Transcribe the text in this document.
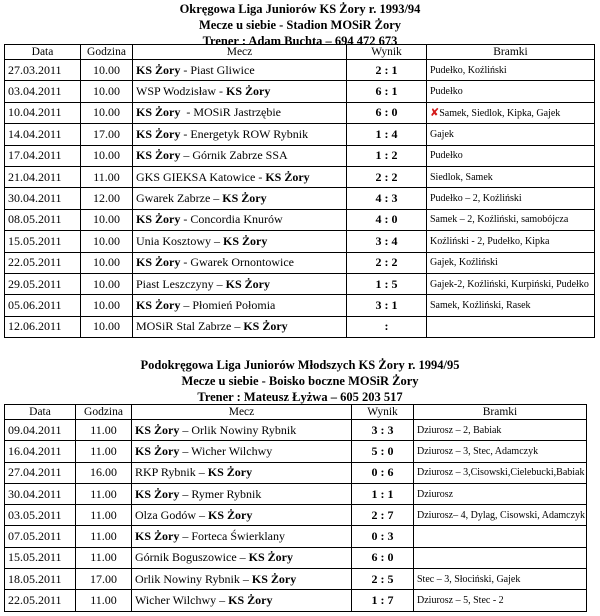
Okręgowa Liga Juniorów KS Żory r. 1993/94
Mecze u siebie - Stadion MOSiR Żory
Trener : Adam Buchta – 694 472 673
Data	Godzina	Mecz	Wynik	Bramki
27.03.2011	10.00	KS Żory - Piast Gliwice	2 : 1	Pudełko, Koźliński
03.04.2011	10.00	WSP Wodzisław - KS Żory	6 : 1	Pudełko
10.04.2011	10.00	KS Żory  - MOSiR Jastrzębie	6 : 0	✘Samek, Siedlok, Kipka, Gajek
14.04.2011	17.00	KS Żory - Energetyk ROW Rybnik	1 : 4	Gajek
17.04.2011	10.00	KS Żory – Górnik Zabrze SSA	1 : 2	Pudełko
21.04.2011	11.00	GKS GIEKSA Katowice - KS Żory	2 : 2	Siedlok, Samek
30.04.2011	12.00	Gwarek Zabrze – KS Żory	4 : 3	Pudełko – 2, Koźliński
08.05.2011	10.00	KS Żory - Concordia Knurów	4 : 0	Samek – 2, Koźliński, samobójcza
15.05.2011	10.00	Unia Kosztowy – KS Żory	3 : 4	Koźliński - 2, Pudełko, Kipka
22.05.2011	10.00	KS Żory - Gwarek Ornontowice	2 : 2	Gajek, Koźliński
29.05.2011	10.00	Piast Leszczyny – KS Żory	1 : 5	Gajek-2, Koźliński, Kurpiński, Pudełko
05.06.2011	10.00	KS Żory – Płomień Połomia	3 : 1	Samek, Koźliński, Rasek
12.06.2011	10.00	MOSiR Stal Zabrze – KS Żory	:	
Podokręgowa Liga Juniorów Młodszych KS Żory r. 1994/95
Mecze u siebie - Boisko boczne MOSiR Żory
Trener : Mateusz Łyżwa – 605 203 517
Data	Godzina	Mecz	Wynik	Bramki
09.04.2011	11.00	KS Żory – Orlik Nowiny Rybnik	3 : 3	Dziurosz – 2, Babiak
16.04.2011	11.00	KS Żory – Wicher Wilchwy	5 : 0	Dziurosz – 3, Stec, Adamczyk
27.04.2011	16.00	RKP Rybnik – KS Żory	0 : 6	Dziurosz – 3,Cisowski,Cielebucki,Babiak
30.04.2011	11.00	KS Żory – Rymer Rybnik	1 : 1	Dziurosz
03.05.2011	11.00	Olza Godów – KS Żory	2 : 7	Dziurosz– 4, Dylag, Cisowski, Adamczyk
07.05.2011	11.00	KS Żory – Forteca Świerklany	0 : 3	
15.05.2011	11.00	Górnik Boguszowice – KS Żory	6 : 0	
18.05.2011	17.00	Orlik Nowiny Rybnik – KS Żory	2 : 5	Stec – 3, Słociński, Gajek
22.05.2011	11.00	Wicher Wilchwy – KS Żory	1 : 7	Dziurosz – 5, Stec - 2
